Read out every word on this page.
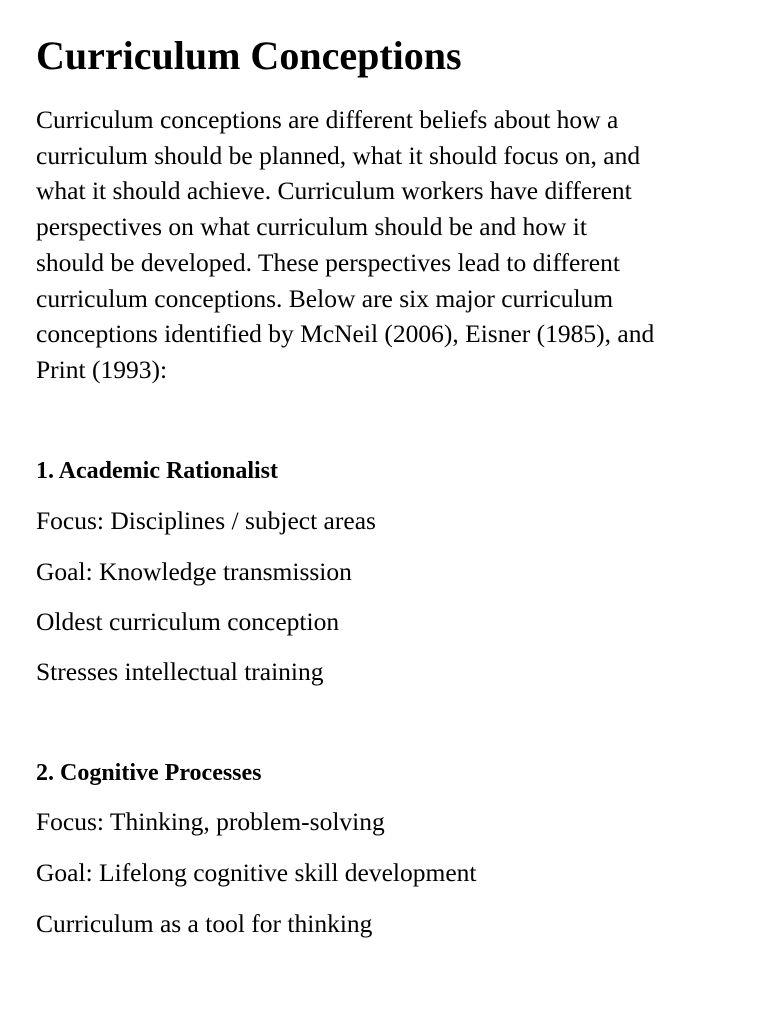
Curriculum Conceptions

Curriculum conceptions are different beliefs about how a
curriculum should be planned, what it should focus on, and
what it should achieve. Curriculum workers have different
perspectives on what curriculum should be and how it
should be developed. These perspectives lead to different
curriculum conceptions. Below are six major curriculum
conceptions identified by McNeil (2006), Eisner (1985), and
Print (1993):

1. Academic Rationalist

Focus: Disciplines / subject areas

Goal: Knowledge transmission

Oldest curriculum conception

Stresses intellectual training

2. Cognitive Processes

Focus: Thinking, problem-solving

Goal: Lifelong cognitive skill development

Curriculum as a tool for thinking
